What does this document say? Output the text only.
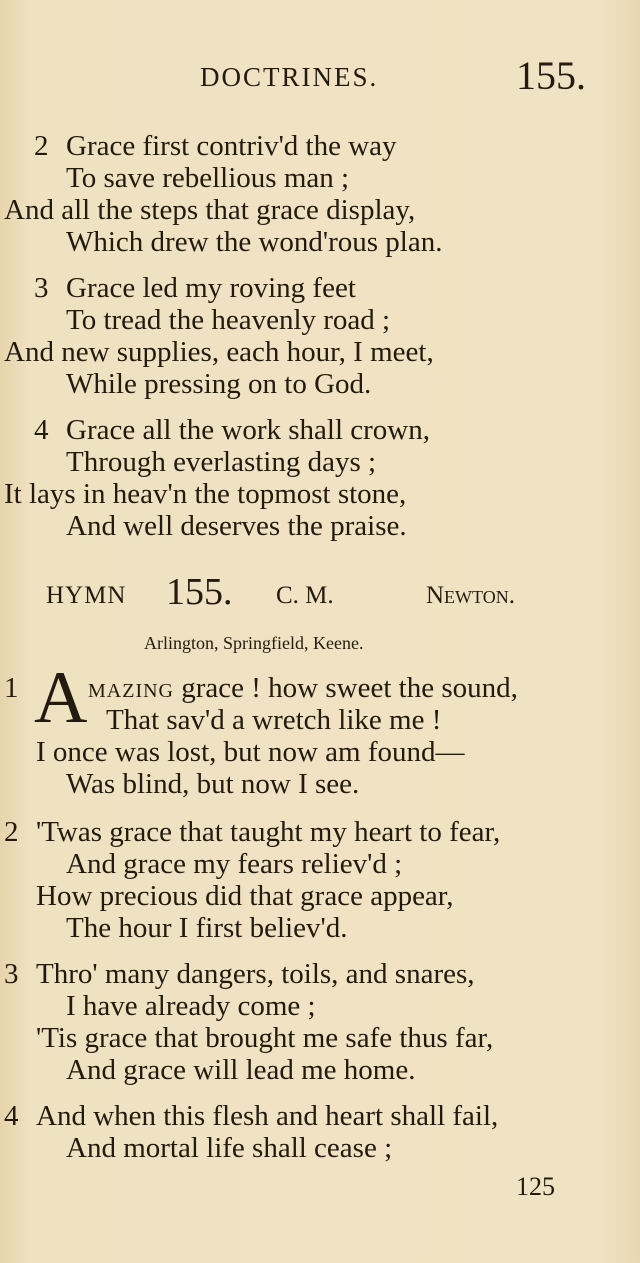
DOCTRINES.	155.
2 Grace first contriv'd the way
To save rebellious man ;
And all the steps that grace display,
Which drew the wond'rous plan.
3 Grace led my roving feet
To tread the heavenly road ;
And new supplies, each hour, I meet,
While pressing on to God.
4 Grace all the work shall crown,
Through everlasting days ;
It lays in heav'n the topmost stone,
And well deserves the praise.
HYMN 155. C. M.	Newton.
Arlington, Springfield, Keene.
1 A mazing grace ! how sweet the sound,
That sav'd a wretch like me !
I once was lost, but now am found—
Was blind, but now I see.
2 'Twas grace that taught my heart to fear,
And grace my fears reliev'd ;
How precious did that grace appear,
The hour I first believ'd.
3 Thro' many dangers, toils, and snares,
I have already come ;
'Tis grace that brought me safe thus far,
And grace will lead me home.
4 And when this flesh and heart shall fail,
And mortal life shall cease ;
125
